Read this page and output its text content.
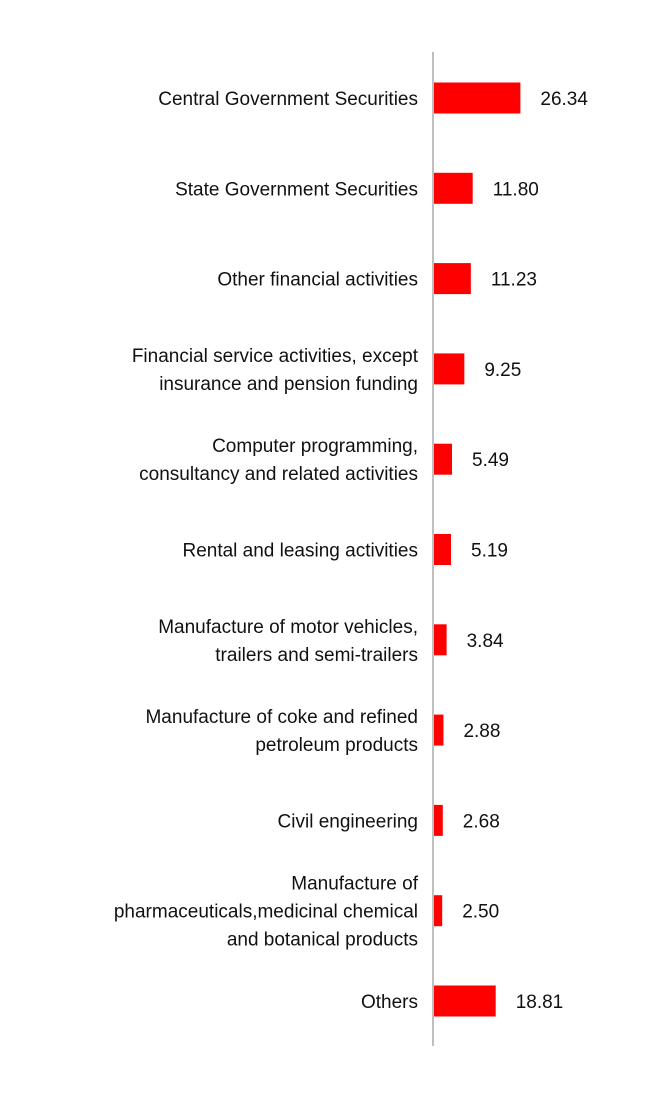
26.34
Central Government Securities
11.80
State Government Securities
11.23
Other financial activities
9.25
Financial service activities, except
insurance and pension funding
5.49
Computer programming,
consultancy and related activities
5.19
Rental and leasing activities
3.84
Manufacture of motor vehicles,
trailers and semi-trailers
2.88
Manufacture of coke and refined
petroleum products
2.68
Civil engineering
2.50
Manufacture of
pharmaceuticals,medicinal chemical
and botanical products
18.81
Others
